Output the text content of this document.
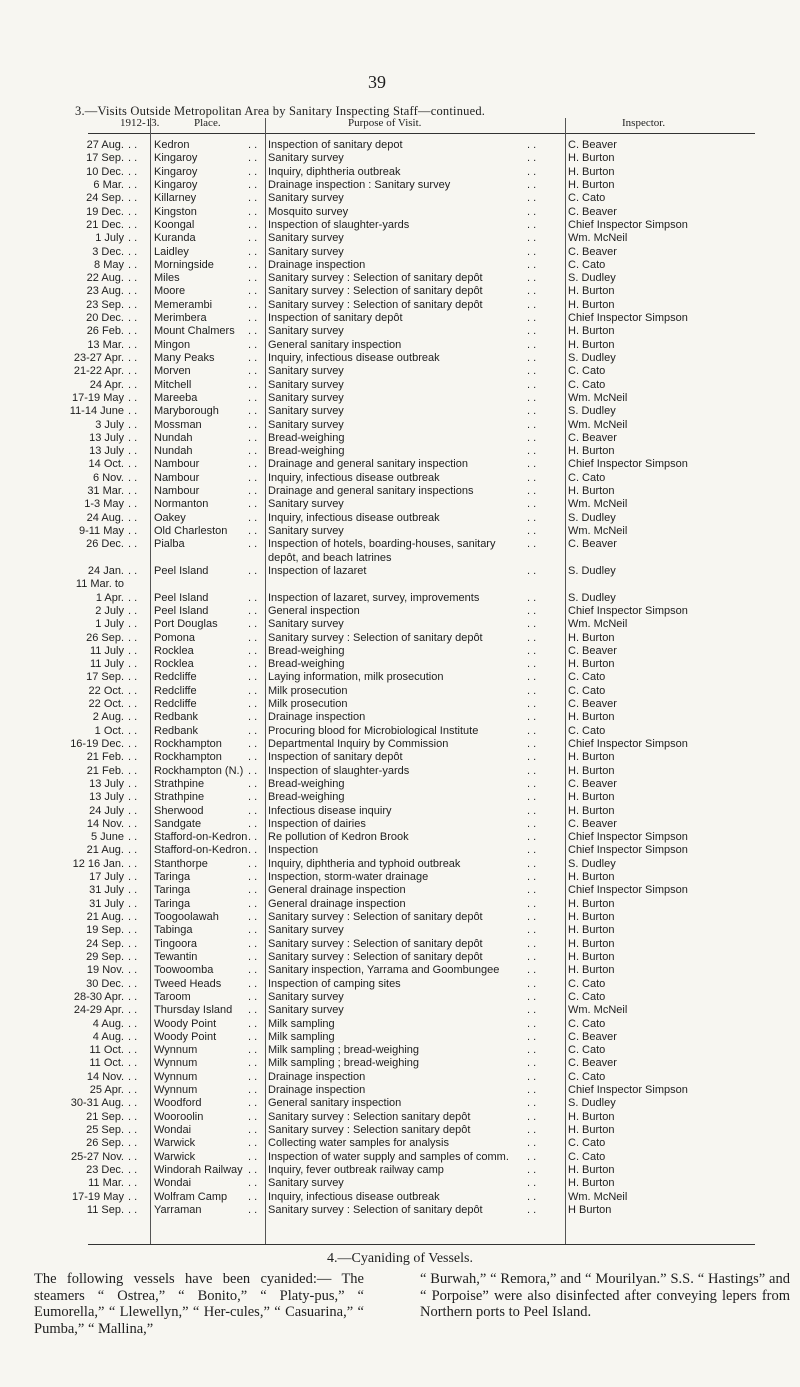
39
3.—Visits Outside Metropolitan Area by Sanitary Inspecting Staff—continued.
1912-13.	Place.	Purpose of Visit.	Inspector.
27 Aug. . . Kedron	. . Inspection of sanitary depot	. .	C. Beaver
17 Sep. . . Kingaroy	. . Sanitary survey	. .	H. Burton
10 Dec. . . Kingaroy	. . Inquiry, diphtheria outbreak	. .	H. Burton
6 Mar. . . Kingaroy	. . Drainage inspection : Sanitary survey	. .	H. Burton
24 Sep. . . Killarney	. . Sanitary survey	. .	C. Cato
19 Dec. . . Kingston	. . Mosquito survey	. .	C. Beaver
21 Dec. . . Koongal	. . Inspection of slaughter-yards	. .	Chief Inspector Simpson
1 July . . Kuranda	. . Sanitary survey	. .	Wm. McNeil
3 Dec. . . Laidley	. . Sanitary survey	. .	C. Beaver
8 May . . Morningside	. . Drainage inspection	. .	C. Cato
22 Aug. . . Miles	. . Sanitary survey : Selection of sanitary depôt	. .	S. Dudley
23 Aug. . . Moore	. . Sanitary survey : Selection of sanitary depôt	. .	H. Burton
23 Sep. . . Memerambi	. . Sanitary survey : Selection of sanitary depôt	. .	H. Burton
20 Dec. . . Merimbera	. . Inspection of sanitary depôt	. .	Chief Inspector Simpson
26 Feb. . . Mount Chalmers . . Sanitary survey	. .	H. Burton
13 Mar. . . Mingon	. . General sanitary inspection	. .	H. Burton
23-27 Apr. . . Many Peaks	. . Inquiry, infectious disease outbreak	. .	S. Dudley
21-22 Apr. . . Morven	. . Sanitary survey	. .	C. Cato
24 Apr. . . Mitchell	. . Sanitary survey	. .	C. Cato
17-19 May . . Mareeba	. . Sanitary survey	. .	Wm. McNeil
11-14 June . . Maryborough	. . Sanitary survey	. .	S. Dudley
3 July . . Mossman	. . Sanitary survey	. .	Wm. McNeil
13 July . . Nundah	. . Bread-weighing	. .	C. Beaver
13 July . . Nundah	. . Bread-weighing	. .	H. Burton
14 Oct. . . Nambour	. . Drainage and general sanitary inspection	. .	Chief Inspector Simpson
6 Nov. . . Nambour	. . Inquiry, infectious disease outbreak	. .	C. Cato
31 Mar. . . Nambour	. . Drainage and general sanitary inspections	. .	H. Burton
1-3 May . . Normanton	. . Sanitary survey	. .	Wm. McNeil
24 Aug. . . Oakey	. . Inquiry, infectious disease outbreak	. .	S. Dudley
9-11 May . . Old Charleston . . Sanitary survey	. .	Wm. McNeil
26 Dec. . . Pialba	. . Inspection of hotels, boarding-houses, sanitary	. .	C. Beaver
depôt, and beach latrines
24 Jan. . . Peel Island	. . Inspection of lazaret	. .	S. Dudley
11 Mar. to
1 Apr. . . Peel Island	. . Inspection of lazaret, survey, improvements	. .	S. Dudley
2 July . . Peel Island	. . General inspection	. .	Chief Inspector Simpson
1 July . . Port Douglas	. . Sanitary survey	. .	Wm. McNeil
26 Sep. . . Pomona	. . Sanitary survey : Selection of sanitary depôt	. .	H. Burton
11 July . . Rocklea	. . Bread-weighing	. .	C. Beaver
11 July . . Rocklea	. . Bread-weighing	. .	H. Burton
17 Sep. . . Redcliffe	. . Laying information, milk prosecution	. .	C. Cato
22 Oct. . . Redcliffe	. . Milk prosecution	. .	C. Cato
22 Oct. . . Redcliffe	. . Milk prosecution	. .	C. Beaver
2 Aug. . . Redbank	. . Drainage inspection	. .	H. Burton
1 Oct. . . Redbank	. . Procuring blood for Microbiological Institute	. .	C. Cato
16-19 Dec. . . Rockhampton . . Departmental Inquiry by Commission	. .	Chief Inspector Simpson
21 Feb. . . Rockhampton . . Inspection of sanitary depôt	. .	H. Burton
21 Feb. . . Rockhampton (N.) . . Inspection of slaughter-yards	. .	H. Burton
13 July . . Strathpine	. . Bread-weighing	. .	C. Beaver
13 July . . Strathpine	. . Bread-weighing	. .	H. Burton
24 July . . Sherwood	. . Infectious disease inquiry	. .	H. Burton
14 Nov. . . Sandgate	. . Inspection of dairies	. .	C. Beaver
5 June . . Stafford-on-Kedron . . Re pollution of Kedron Brook	. .	Chief Inspector Simpson
21 Aug. . . Stafford-on-Kedron . . Inspection	. .	Chief Inspector Simpson
12 16 Jan. . . Stanthorpe	. . Inquiry, diphtheria and typhoid outbreak	. .	S. Dudley
17 July . . Taringa	. . Inspection, storm-water drainage	. .	H. Burton
31 July . . Taringa	. . General drainage inspection	. .	Chief Inspector Simpson
31 July . . Taringa	. . General drainage inspection	. .	H. Burton
21 Aug. . . Toogoolawah	. . Sanitary survey : Selection of sanitary depôt	. .	H. Burton
19 Sep. . . Tabinga	. . Sanitary survey	. .	H. Burton
24 Sep. . . Tingoora	. . Sanitary survey : Selection of sanitary depôt	. .	H. Burton
29 Sep. . . Tewantin	. . Sanitary survey : Selection of sanitary depôt	. .	H. Burton
19 Nov. . . Toowoomba	. . Sanitary inspection, Yarrama and Goombungee	. .	H. Burton
30 Dec. . . Tweed Heads . . Inspection of camping sites	. .	C. Cato
28-30 Apr. . . Taroom	. . Sanitary survey	. .	C. Cato
24-29 Apr. . . Thursday Island . . Sanitary survey	. .	Wm. McNeil
4 Aug. . . Woody Point	. . Milk sampling	. .	C. Cato
4 Aug. . . Woody Point	. . Milk sampling	. .	C. Beaver
11 Oct. . . Wynnum	. . Milk sampling ; bread-weighing	. .	C. Cato
11 Oct. . . Wynnum	. . Milk sampling ; bread-weighing	. .	C. Beaver
14 Nov. . . Wynnum	. . Drainage inspection	. .	C. Cato
25 Apr. . . Wynnum	. . Drainage inspection	. .	Chief Inspector Simpson
30-31 Aug. . . Woodford	. . General sanitary inspection	. .	S. Dudley
21 Sep. . . Wooroolin	. . Sanitary survey : Selection sanitary depôt	. .	H. Burton
25 Sep. . . Wondai	. . Sanitary survey : Selection sanitary depôt	. .	H. Burton
26 Sep. . . Warwick	. . Collecting water samples for analysis	. .	C. Cato
25-27 Nov. . . Warwick	. . Inspection of water supply and samples of comm. . .	C. Cato
23 Dec. . . Windorah Railway . . Inquiry, fever outbreak railway camp	. .	H. Burton
11 Mar. . . Wondai	. . Sanitary survey	. .	H. Burton
17-19 May . . Wolfram Camp . . Inquiry, infectious disease outbreak	. .	Wm. McNeil
11 Sep. . . Yarraman	. . Sanitary survey : Selection of sanitary depôt	. .	H Burton
4.—Cyaniding of Vessels.
The following vessels have been cyanided:— The steamers “ Ostrea,” “ Bonito,” “ Platy-pus,” “ Eumorella,” “ Llewellyn,” “ Her-cules,” “ Casuarina,” “ Pumba,” “ Mallina,”
“ Burwah,” “ Remora,” and “ Mourilyan.” S.S. “ Hastings” and “ Porpoise” were also disinfected after conveying lepers from Northern ports to Peel Island.
